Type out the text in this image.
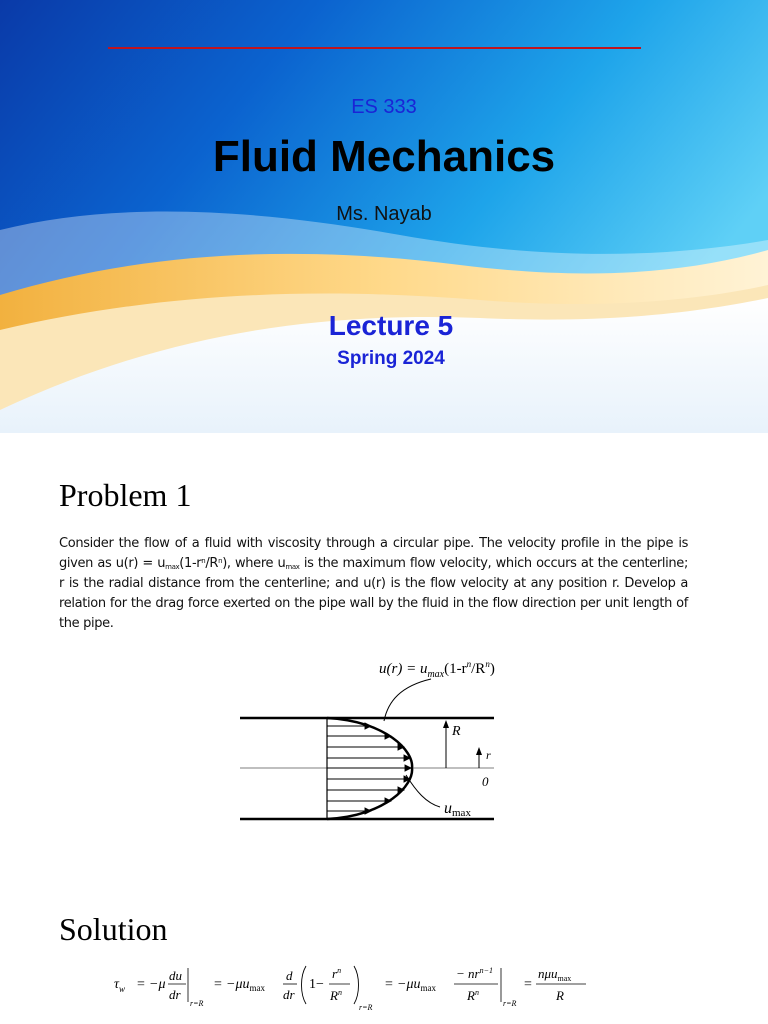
ES 333
Fluid Mechanics
Ms. Nayab
Lecture 5
Spring 2024
Problem 1
Consider the flow of a fluid with viscosity through a circular pipe. The velocity profile in the pipe is given as $u(r) = u_{max}(1-r^n/R^n)$, where $u_{max}$ is the maximum flow velocity, which occurs at the centerline; r is the radial distance from the centerline; and u(r) is the flow velocity at any position r. Develop a relation for the drag force exerted on the pipe wall by the fluid in the flow direction per unit length of the pipe.
$u(r) = u_{max}(1-r^n/R^n)$
R
r
0
umax
Solution
$\tau_w = -\mu$
du
dr
r=R
= $-\mu u_{max}$
d
dr
1−
$r^n$
$R^n$
r=R
= $-\mu u_{max}$
− $nr^{n-1}$
$R^n$
r=R
=
nμu$_{max}$
R
